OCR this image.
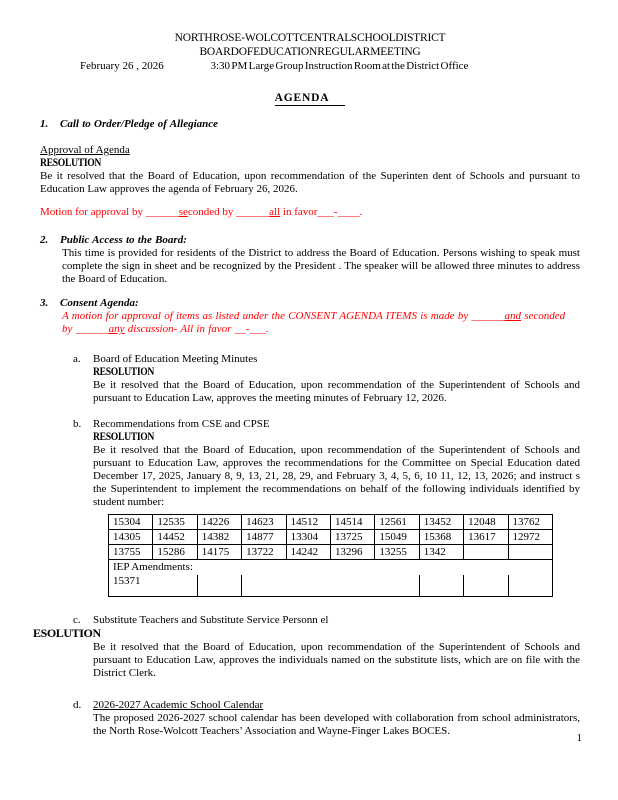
NORTH ROSE-WOLCOTT CENTRAL SCHOOL DISTRICT
BOARD OF EDUCATION REGULAR MEETING
February 26 , 2026	3:30 PM Large Group Instruction Room at the District Office
AGENDA
1.	Call to Order/Pledge of Allegiance
Approval of Agenda
RESOLUTION

Be it resolved that the Board of Education, upon recommendation of the Superinten dent of Schools and pursuant to Education Law approves the agenda of February 26, 2026.

Motion for approval by ______seconded by ______all in favor___-____.

2.	Public Access to the Board:

This time is provided for residents of the District to address the Board of Education. Persons wishing to speak must complete the sign in sheet and be recognized by the President . The speaker will be allowed three minutes to address the Board of Education.

3.	Consent Agenda:

A motion for approval of items as listed under the CONSENT AGENDA ITEMS is made by ______and seconded
by ______any discussion- All in favor __-___.

a.	Board of Education Meeting Minutes
RESOLUTION

Be it resolved that the Board of Education, upon recommendation of the Superintendent of Schools and pursuant to Education Law, approves the meeting minutes of February 12, 2026.

b.	Recommendations from CSE and CPSE
RESOLUTION

Be it resolved that the Board of Education, upon recommendation of the Superintendent of Schools and pursuant to Education Law, approves the recommendations for the Committee on Special Education dated December 17, 2025, January 8, 9, 13, 21, 28, 29, and February 3, 4, 5, 6, 10 11, 12, 13, 2026; and instruct s the Superintendent to implement the recommendations on behalf of the following individuals identified by student number:

15304	12535	14226	14623	14512	14514	12561	13452	12048	13762
14305	14452	14382	14877	13304	13725	15049	15368	13617	12972
13755	15286	14175	13722	14242	13296	13255	1342		
IEP Amendments:									
15371									
c.	Substitute Teachers and Substitute Service Personn el
ESOLUTION

Be it resolved that the Board of Education, upon recommendation of the Superintendent of Schools and pursuant to Education Law, approves the individuals named on the substitute lists, which are on file with the District Clerk.

d.	2026-2027 Academic School Calendar

The proposed 2026-2027 school calendar has been developed with collaboration from school administrators, the North Rose-Wolcott Teachers’ Association and Wayne-Finger Lakes BOCES.

1
